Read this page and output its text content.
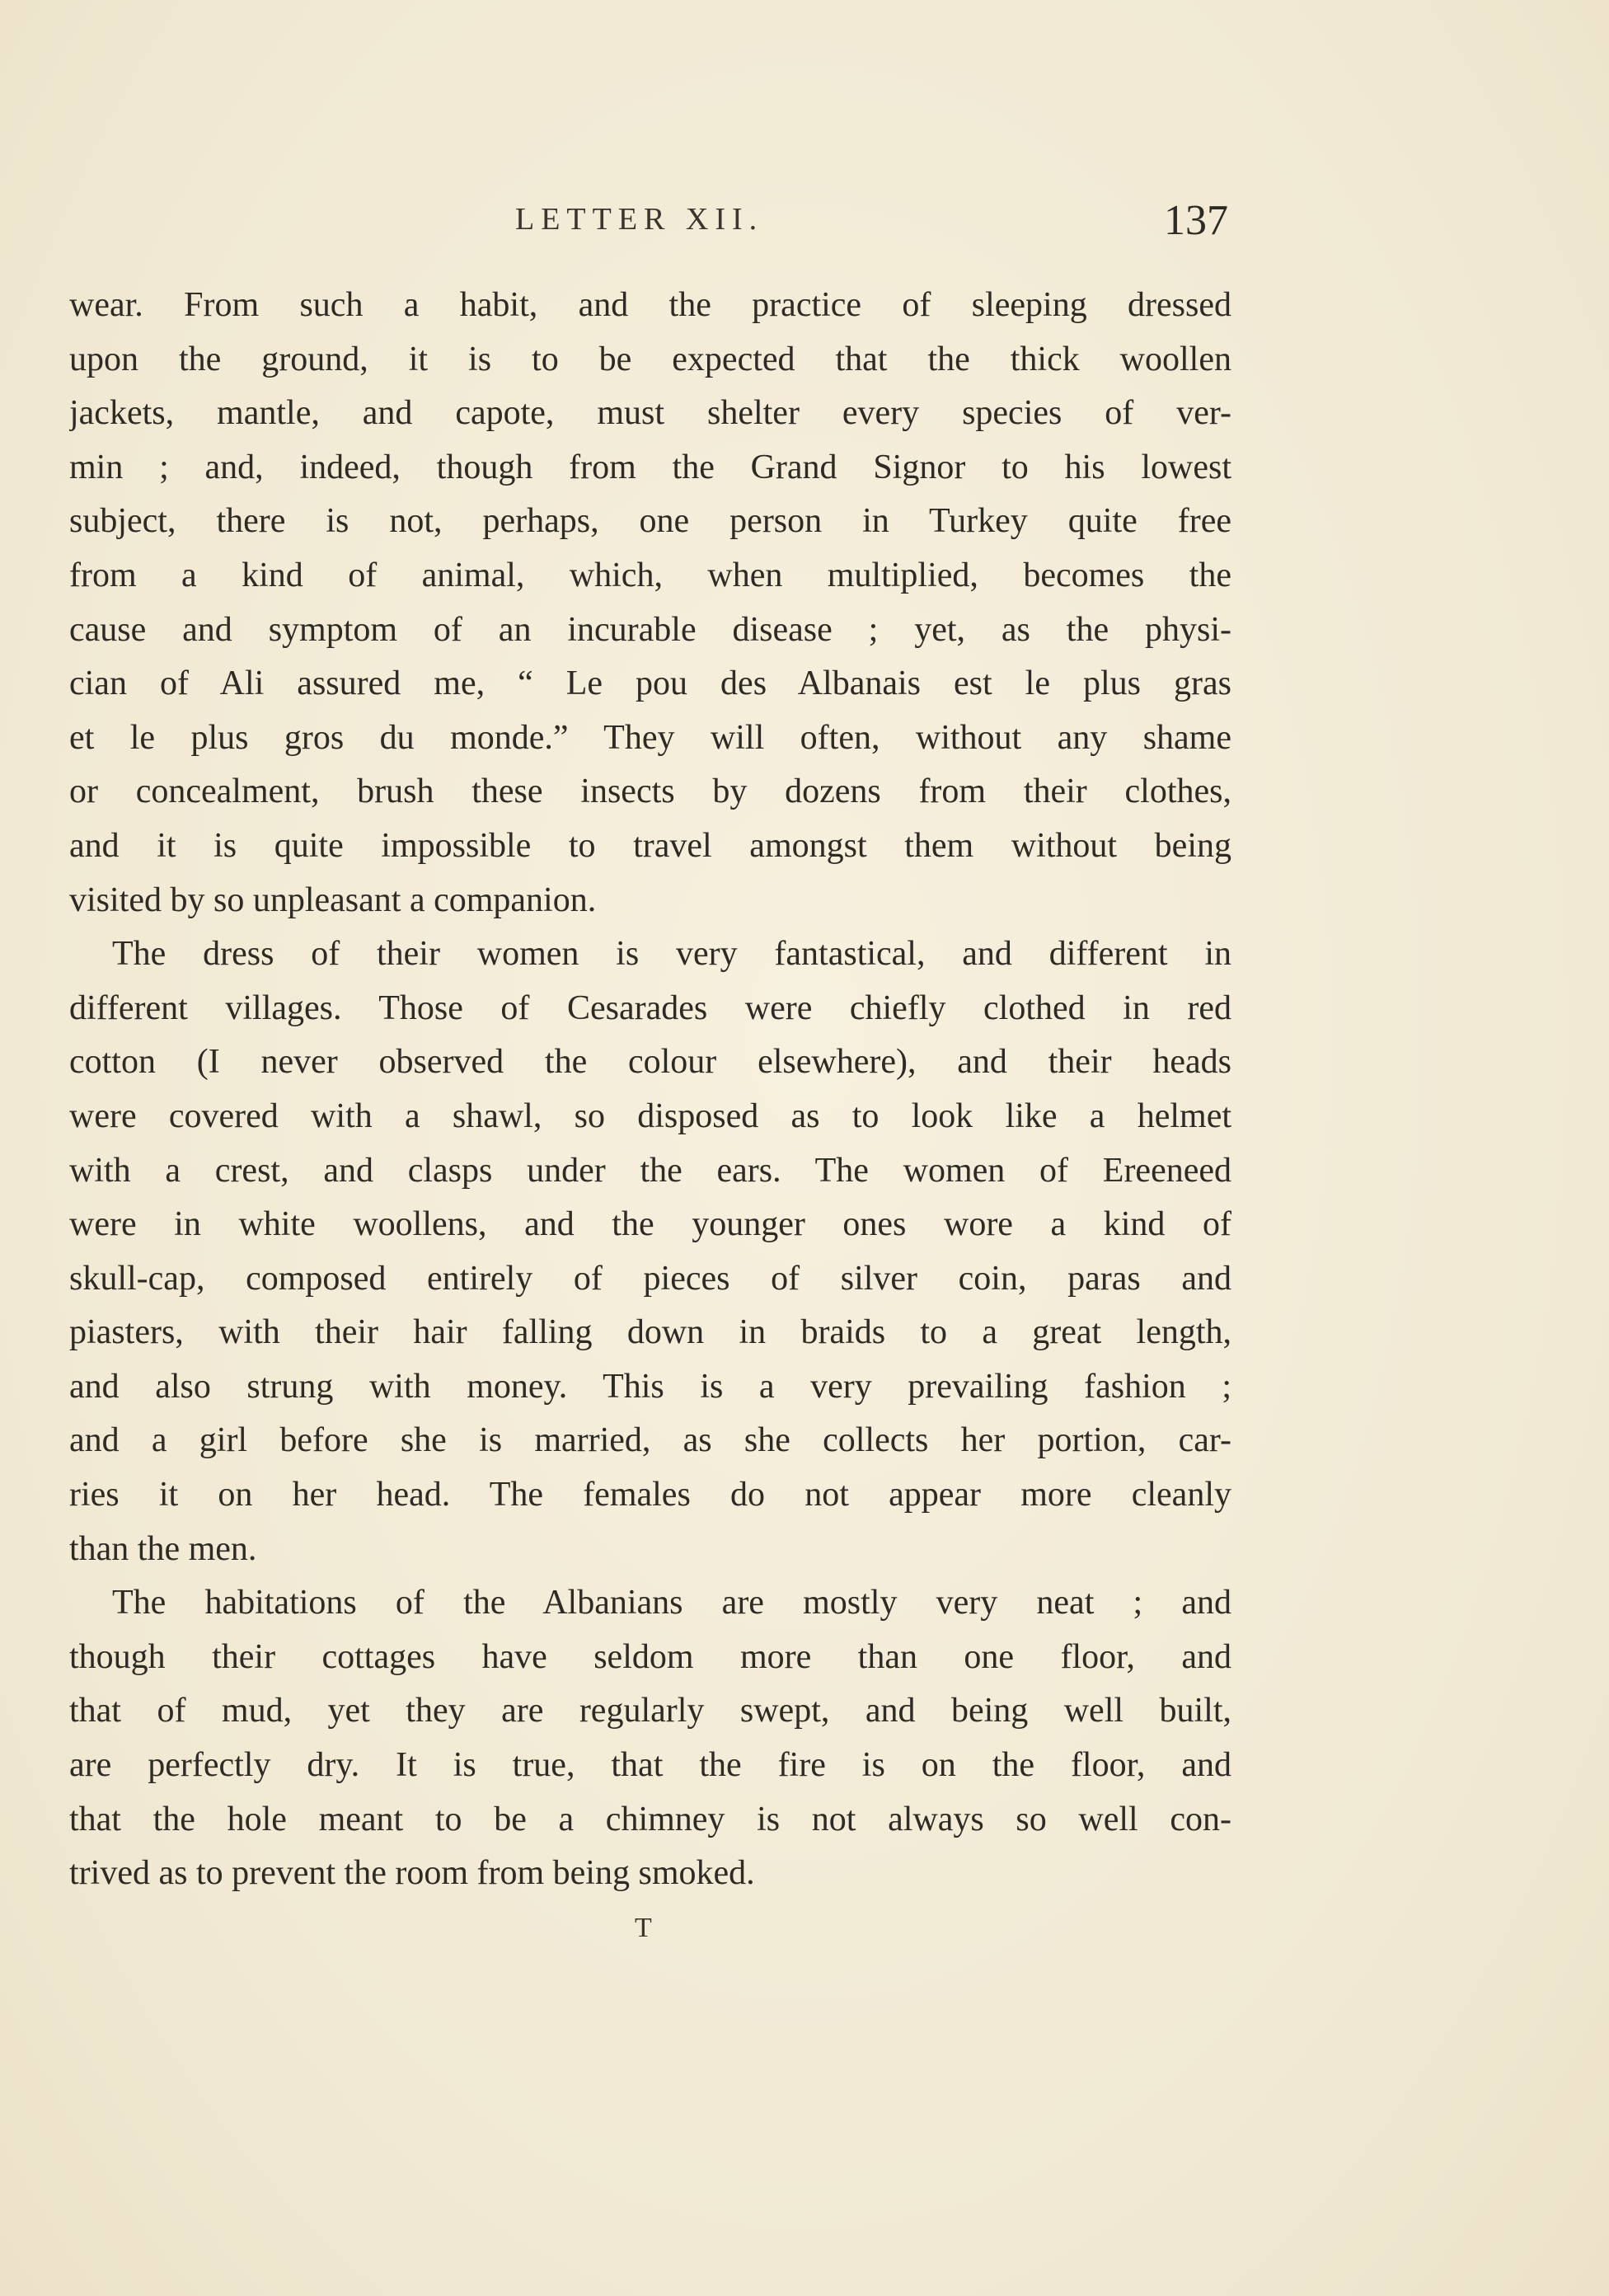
LETTER XII.	137
wear. From such a habit, and the practice of sleeping dressed
upon the ground, it is to be expected that the thick woollen
jackets, mantle, and capote, must shelter every species of ver-
min ; and, indeed, though from the Grand Signor to his lowest
subject, there is not, perhaps, one person in Turkey quite free
from a kind of animal, which, when multiplied, becomes the
cause and symptom of an incurable disease ; yet, as the physi-
cian of Ali assured me, “ Le pou des Albanais est le plus gras
et le plus gros du monde.” They will often, without any shame
or concealment, brush these insects by dozens from their clothes,
and it is quite impossible to travel amongst them without being
visited by so unpleasant a companion.
The dress of their women is very fantastical, and different in
different villages. Those of Cesarades were chiefly clothed in red
cotton (I never observed the colour elsewhere), and their heads
were covered with a shawl, so disposed as to look like a helmet
with a crest, and clasps under the ears. The women of Ereeneed
were in white woollens, and the younger ones wore a kind of
skull-cap, composed entirely of pieces of silver coin, paras and
piasters, with their hair falling down in braids to a great length,
and also strung with money. This is a very prevailing fashion ;
and a girl before she is married, as she collects her portion, car-
ries it on her head. The females do not appear more cleanly
than the men.
The habitations of the Albanians are mostly very neat ; and
though their cottages have seldom more than one floor, and
that of mud, yet they are regularly swept, and being well built,
are perfectly dry. It is true, that the fire is on the floor, and
that the hole meant to be a chimney is not always so well con-
trived as to prevent the room from being smoked.
T
